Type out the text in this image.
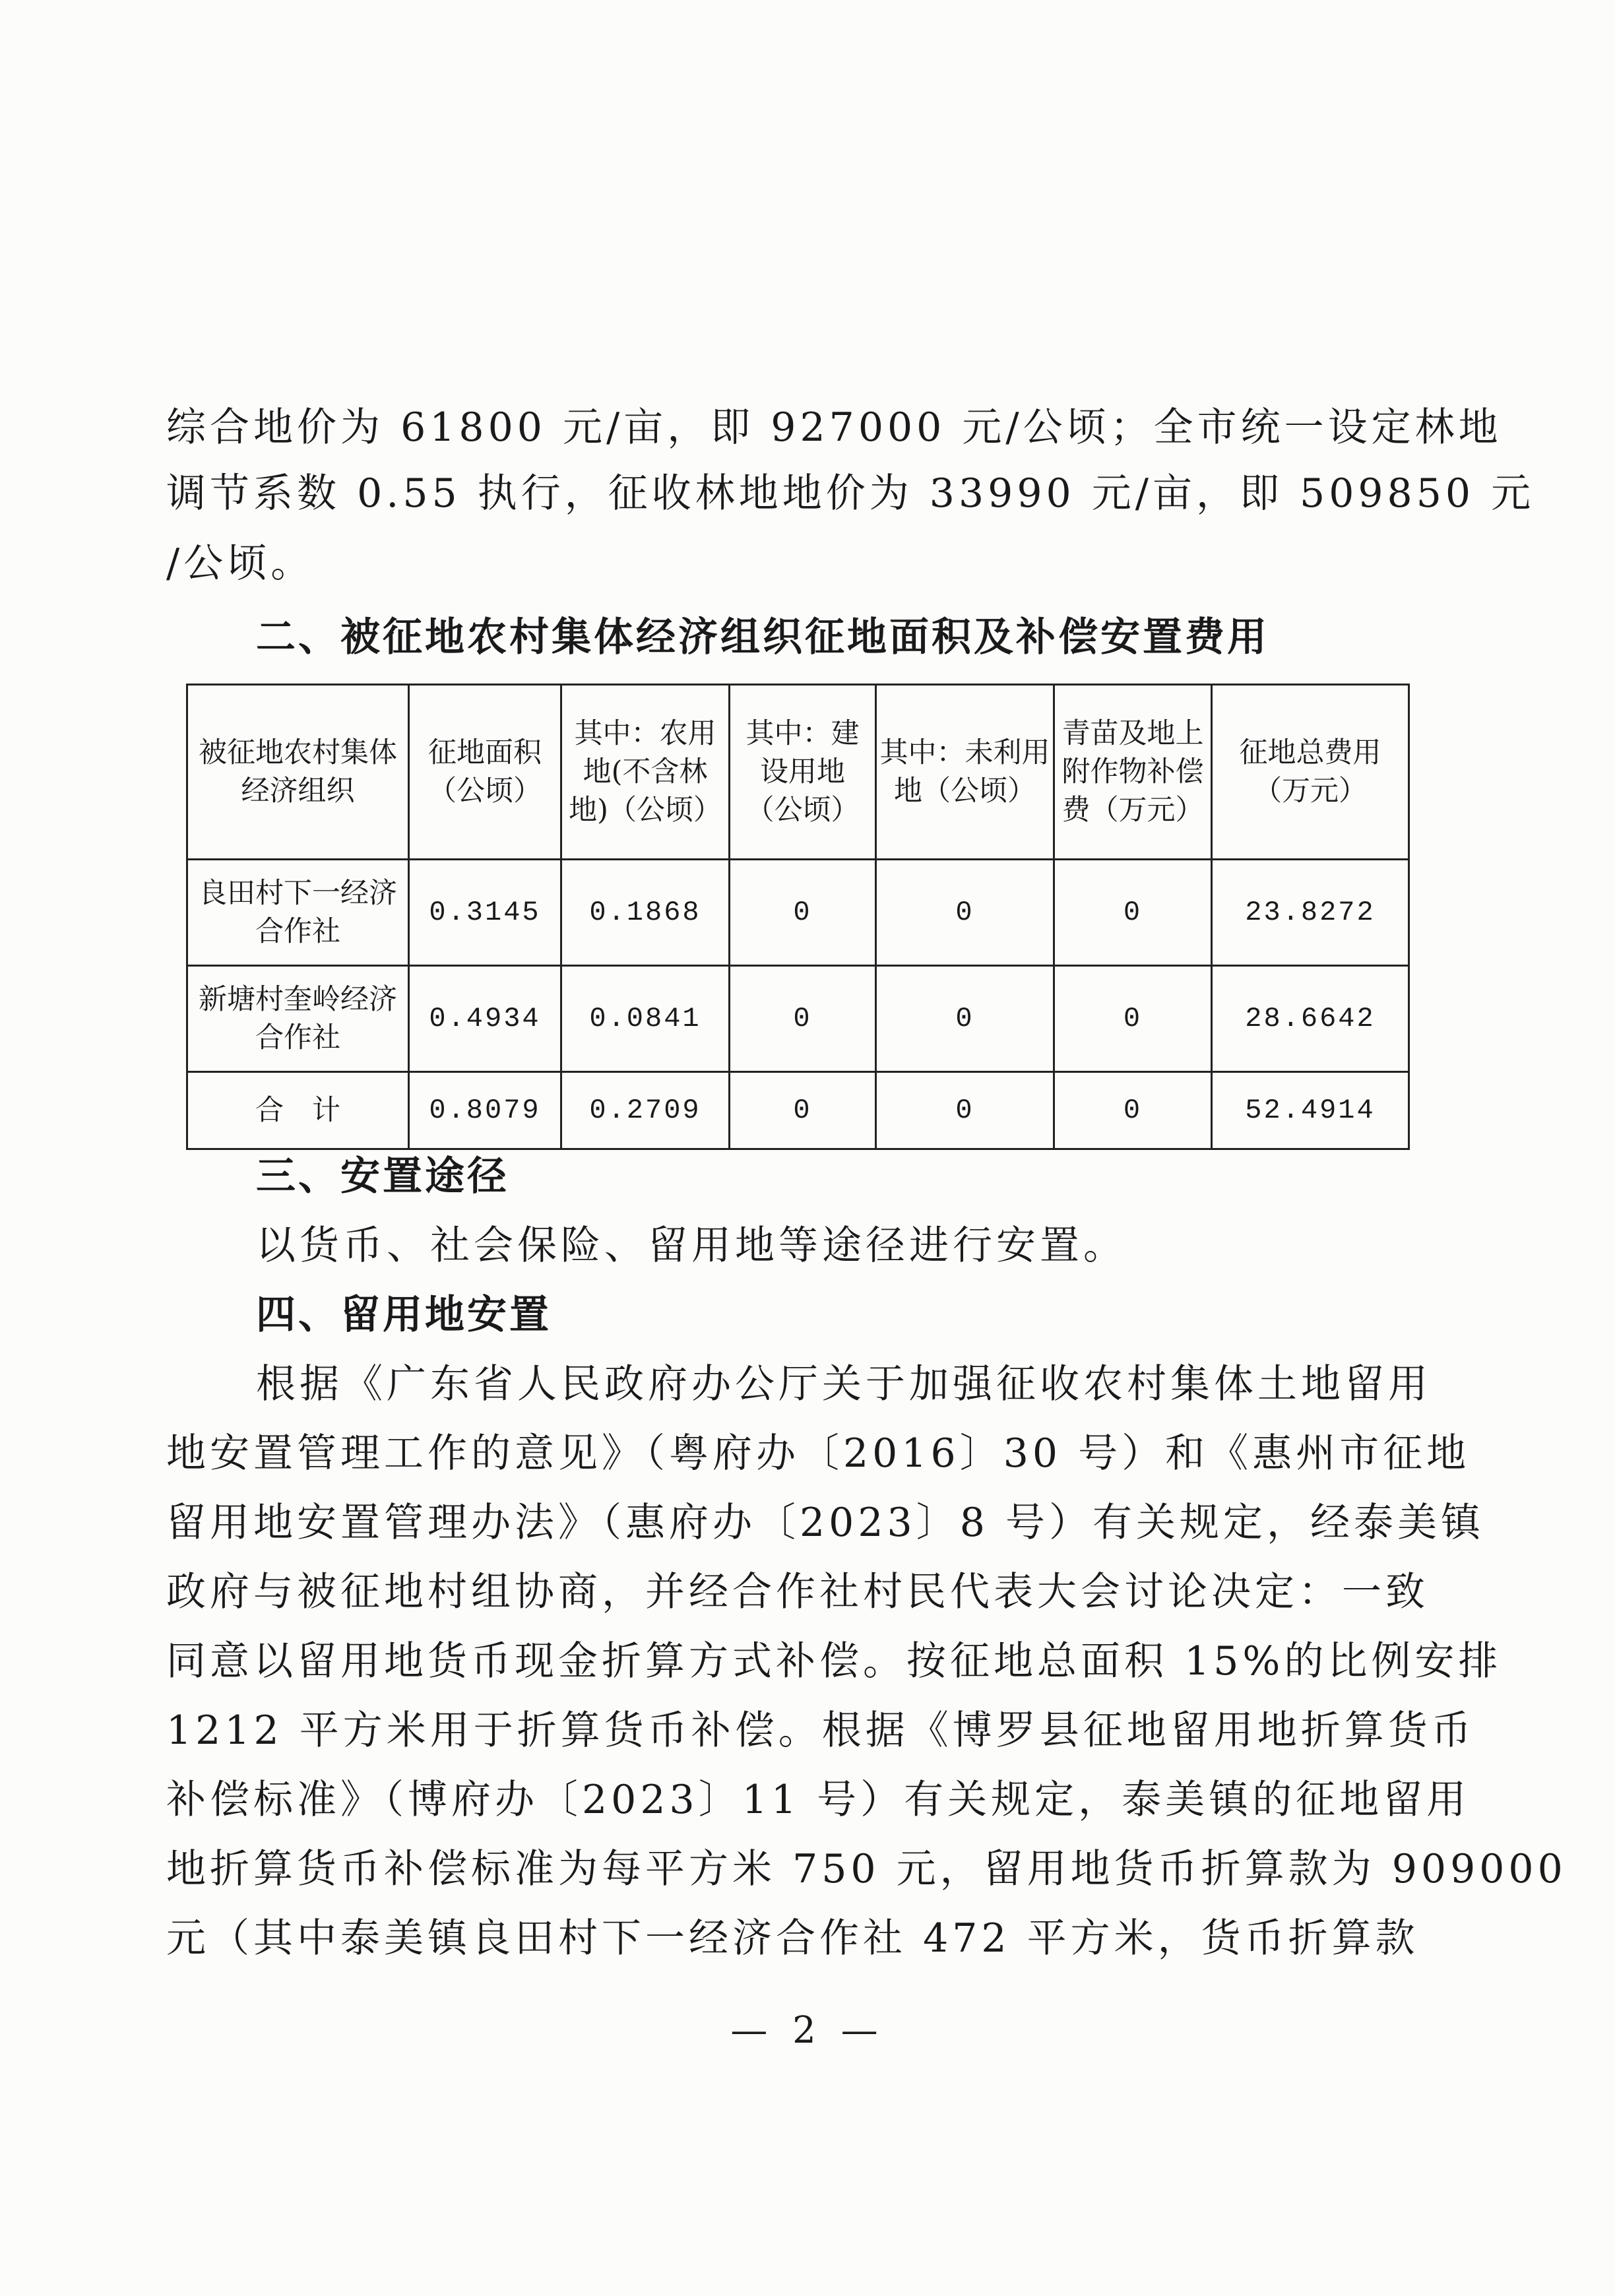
综合地价为 61800 元/亩，即 927000 元/公顷；全市统一设定林地
调节系数 0.55 执行，征收林地地价为 33990 元/亩，即 509850 元
/公顷。
二、被征地农村集体经济组织征地面积及补偿安置费用
被征地农村集体经济组织	征地面积（公顷）	其中：农用地(不含林地)（公顷）	其中：建设用地（公顷）	其中：未利用地（公顷）	青苗及地上附作物补偿费（万元）	征地总费用（万元）
良田村下一经济合作社	0.3145	0.1868	0	0	0	23.8272
新塘村奎岭经济合作社	0.4934	0.0841	0	0	0	28.6642
合　计	0.8079	0.2709	0	0	0	52.4914
三、安置途径
以货币、社会保险、留用地等途径进行安置。
四、留用地安置
根据《广东省人民政府办公厅关于加强征收农村集体土地留用
地安置管理工作的意见》（粤府办〔2016〕30 号）和《惠州市征地
留用地安置管理办法》（惠府办〔2023〕8 号）有关规定，经泰美镇
政府与被征地村组协商，并经合作社村民代表大会讨论决定：一致
同意以留用地货币现金折算方式补偿。按征地总面积 15%的比例安排
1212 平方米用于折算货币补偿。根据《博罗县征地留用地折算货币
补偿标准》（博府办〔2023〕11 号）有关规定，泰美镇的征地留用
地折算货币补偿标准为每平方米 750 元，留用地货币折算款为 909000
元（其中泰美镇良田村下一经济合作社 472 平方米，货币折算款
— 2 —
